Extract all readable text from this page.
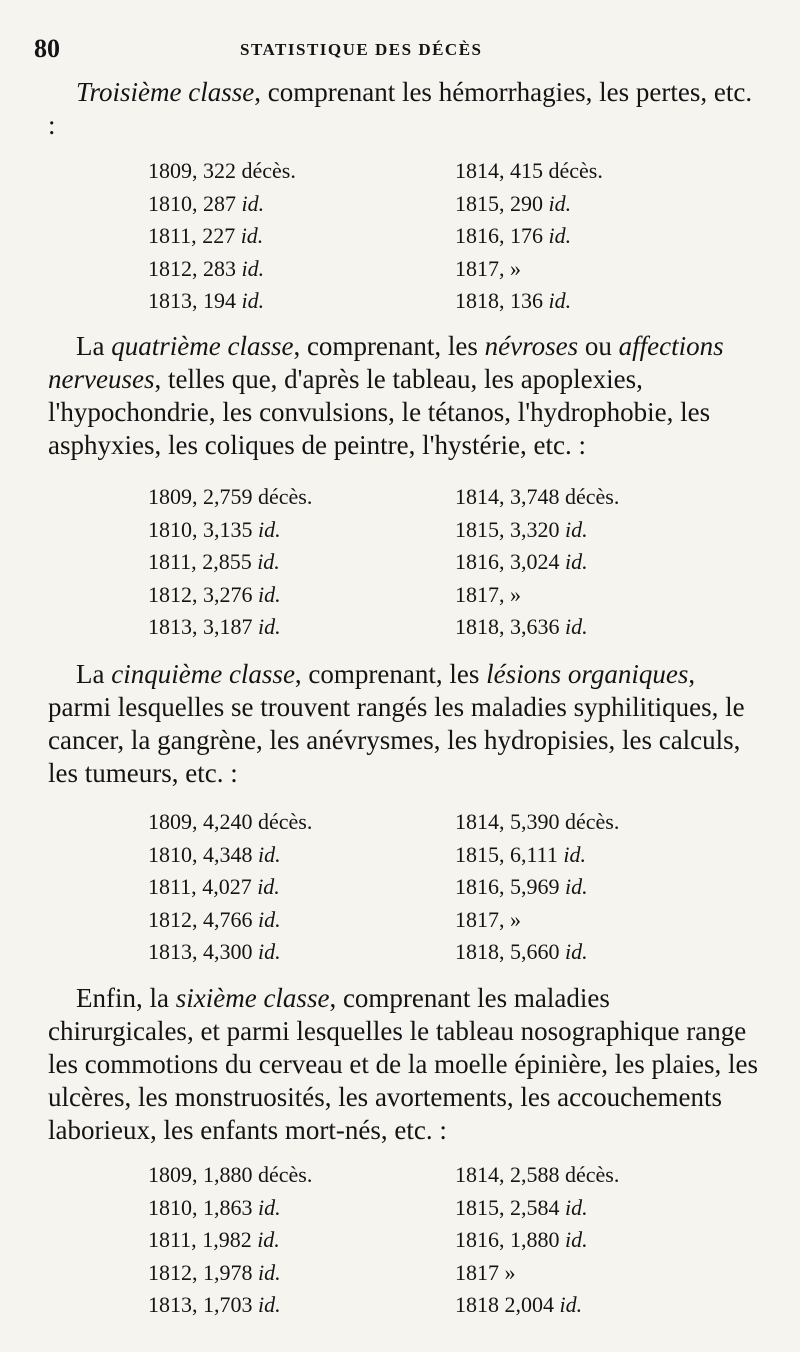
80	STATISTIQUE DES DÉCÈS

Troisième classe, comprenant les hémorrhagies, les pertes, etc. :

1809, 322 décès.	1814, 415 décès.
1810, 287 id.	1815, 290 id.
1811, 227 id.	1816, 176 id.
1812, 283 id.	1817, »
1813, 194 id.	1818, 136 id.

La quatrième classe, comprenant, les névroses ou affections nerveuses, telles que, d'après le tableau, les apoplexies, l'hypochondrie, les convulsions, le tétanos, l'hydrophobie, les asphyxies, les coliques de peintre, l'hystérie, etc. :

1809, 2,759 décès.	1814, 3,748 décès.
1810, 3,135 id.	1815, 3,320 id.
1811, 2,855 id.	1816, 3,024 id.
1812, 3,276 id.	1817, »
1813, 3,187 id.	1818, 3,636 id.

La cinquième classe, comprenant, les lésions organiques, parmi lesquelles se trouvent rangés les maladies syphilitiques, le cancer, la gangrène, les anévrysmes, les hydropisies, les calculs, les tumeurs, etc. :

1809, 4,240 décès.	1814, 5,390 décès.
1810, 4,348 id.	1815, 6,111 id.
1811, 4,027 id.	1816, 5,969 id.
1812, 4,766 id.	1817, »
1813, 4,300 id.	1818, 5,660 id.

Enfin, la sixième classe, comprenant les maladies chirurgicales, et parmi lesquelles le tableau nosographique range les commotions du cerveau et de la moelle épinière, les plaies, les ulcères, les monstruosités, les avortements, les accouchements laborieux, les enfants mort-nés, etc. :

1809, 1,880 décès.	1814, 2,588 décès.
1810, 1,863 id.	1815, 2,584 id.
1811, 1,982 id.	1816, 1,880 id.
1812, 1,978 id.	1817 »
1813, 1,703 id.	1818 2,004 id.
